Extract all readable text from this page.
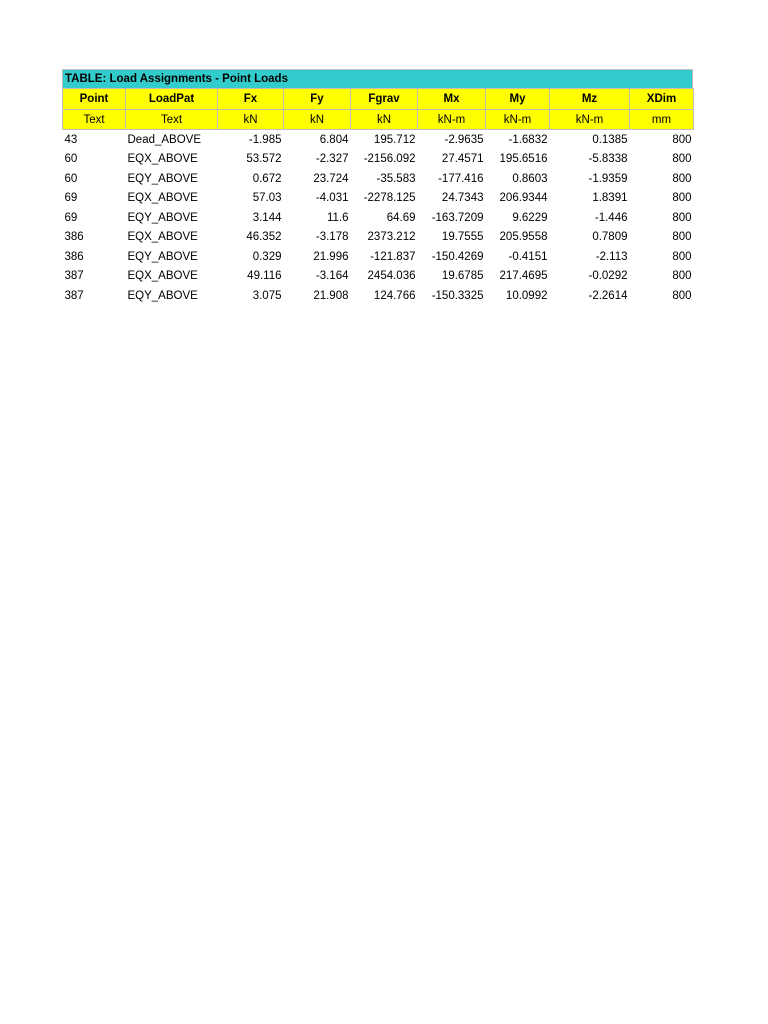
TABLE: Load Assignments - Point Loads
Point	LoadPat	Fx	Fy	Fgrav	Mx	My	Mz	XDim
Text	Text	kN	kN	kN	kN-m	kN-m	kN-m	mm
43	Dead_ABOVE	-1.985	6.804	195.712	-2.9635	-1.6832	0.1385	800
60	EQX_ABOVE	53.572	-2.327	-2156.092	27.4571	195.6516	-5.8338	800
60	EQY_ABOVE	0.672	23.724	-35.583	-177.416	0.8603	-1.9359	800
69	EQX_ABOVE	57.03	-4.031	-2278.125	24.7343	206.9344	1.8391	800
69	EQY_ABOVE	3.144	11.6	64.69	-163.7209	9.6229	-1.446	800
386	EQX_ABOVE	46.352	-3.178	2373.212	19.7555	205.9558	0.7809	800
386	EQY_ABOVE	0.329	21.996	-121.837	-150.4269	-0.4151	-2.113	800
387	EQX_ABOVE	49.116	-3.164	2454.036	19.6785	217.4695	-0.0292	800
387	EQY_ABOVE	3.075	21.908	124.766	-150.3325	10.0992	-2.2614	800
